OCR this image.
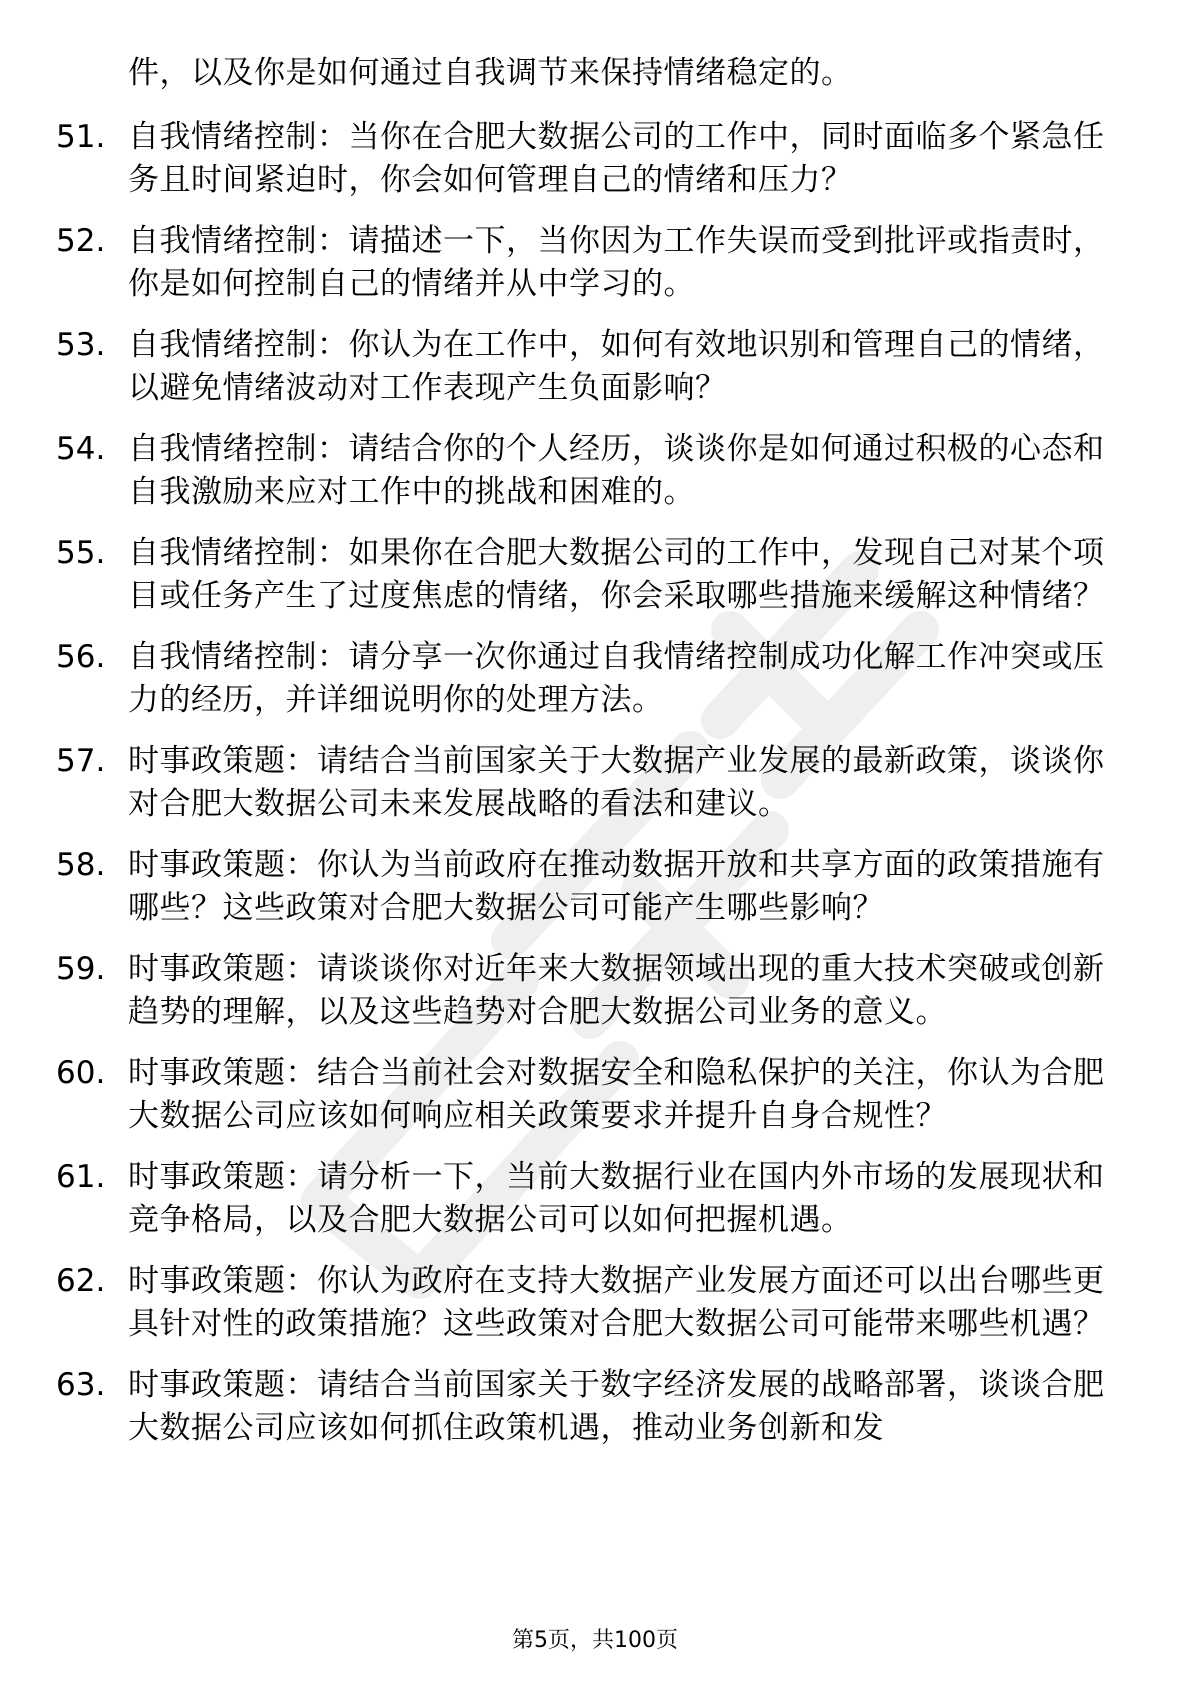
件，以及你是如何通过自我调节来保持情绪稳定的。
51. 自我情绪控制：当你在合肥大数据公司的工作中，同时面临多个紧急任务且时间紧迫时，你会如何管理自己的情绪和压力？
52. 自我情绪控制：请描述一下，当你因为工作失误而受到批评或指责时，你是如何控制自己的情绪并从中学习的。
53. 自我情绪控制：你认为在工作中，如何有效地识别和管理自己的情绪，以避免情绪波动对工作表现产生负面影响？
54. 自我情绪控制：请结合你的个人经历，谈谈你是如何通过积极的心态和自我激励来应对工作中的挑战和困难的。
55. 自我情绪控制：如果你在合肥大数据公司的工作中，发现自己对某个项目或任务产生了过度焦虑的情绪，你会采取哪些措施来缓解这种情绪？
56. 自我情绪控制：请分享一次你通过自我情绪控制成功化解工作冲突或压力的经历，并详细说明你的处理方法。
57. 时事政策题：请结合当前国家关于大数据产业发展的最新政策，谈谈你对合肥大数据公司未来发展战略的看法和建议。
58. 时事政策题：你认为当前政府在推动数据开放和共享方面的政策措施有哪些？这些政策对合肥大数据公司可能产生哪些影响？
59. 时事政策题：请谈谈你对近年来大数据领域出现的重大技术突破或创新趋势的理解，以及这些趋势对合肥大数据公司业务的意义。
60. 时事政策题：结合当前社会对数据安全和隐私保护的关注，你认为合肥大数据公司应该如何响应相关政策要求并提升自身合规性？
61. 时事政策题：请分析一下，当前大数据行业在国内外市场的发展现状和竞争格局，以及合肥大数据公司可以如何把握机遇。
62. 时事政策题：你认为政府在支持大数据产业发展方面还可以出台哪些更具针对性的政策措施？这些政策对合肥大数据公司可能带来哪些机遇？
63. 时事政策题：请结合当前国家关于数字经济发展的战略部署，谈谈合肥大数据公司应该如何抓住政策机遇，推动业务创新和发
第5页，共100页
